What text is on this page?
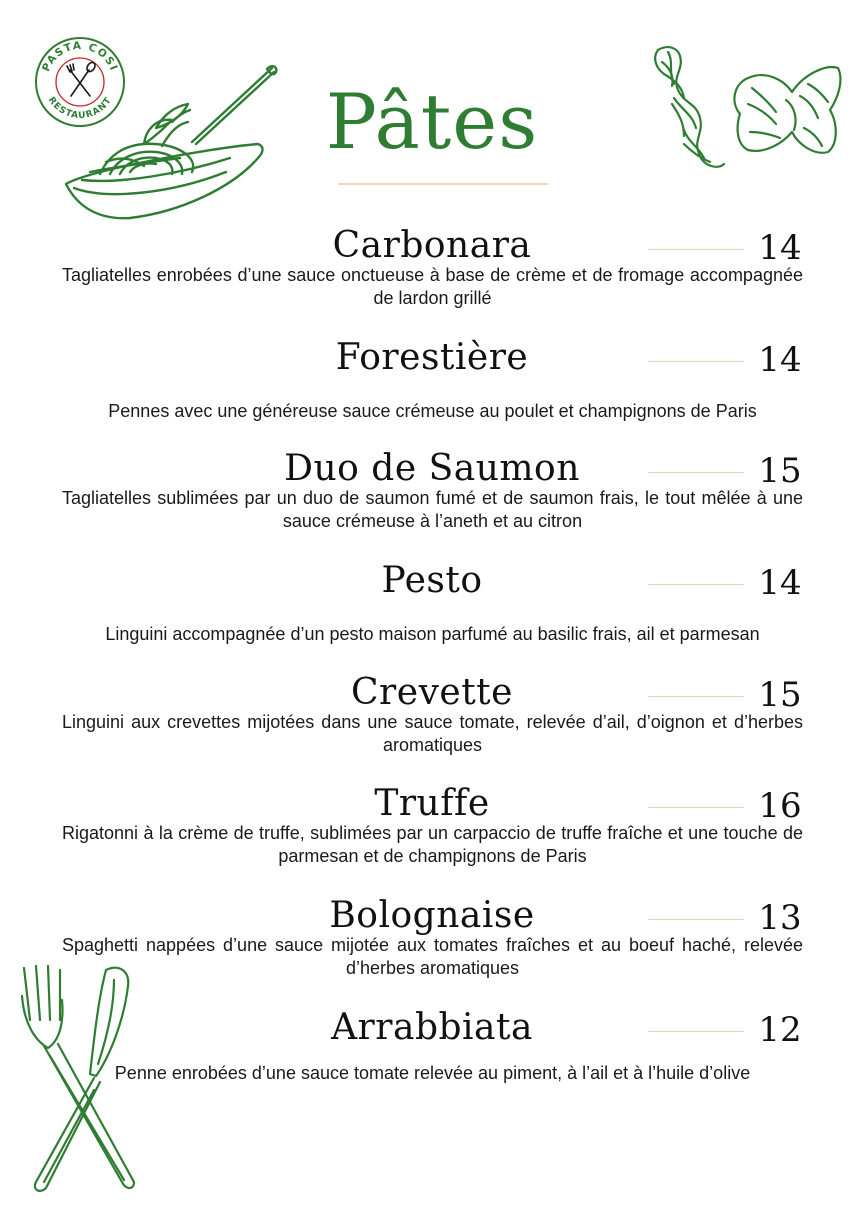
PASTA COSI
RESTAURANT	Pâtes
Carbonara	14

Tagliatelles enrobées d’une sauce onctueuse à base de crème et de fromage accompagnée de lardon grillé

Forestière	14

Pennes avec une généreuse sauce crémeuse au poulet et champignons de Paris

Duo de Saumon	15

Tagliatelles sublimées par un duo de saumon fumé et de saumon frais, le tout mêlée à une sauce crémeuse à l’aneth et au citron

Pesto	14

Linguini accompagnée d’un pesto maison parfumé au basilic frais, ail et parmesan

Crevette	15

Linguini aux crevettes mijotées dans une sauce tomate, relevée d’ail, d’oignon et d’herbes aromatiques

Truffe	16

Rigatonni à la crème de truffe, sublimées par un carpaccio de truffe fraîche et une touche de parmesan et de champignons de Paris

Bolognaise	13

Spaghetti nappées d’une sauce mijotée aux tomates fraîches et au boeuf haché, relevée d’herbes aromatiques

Arrabbiata	12

Penne enrobées d’une sauce tomate relevée au piment, à l’ail et à l’huile d’olive
